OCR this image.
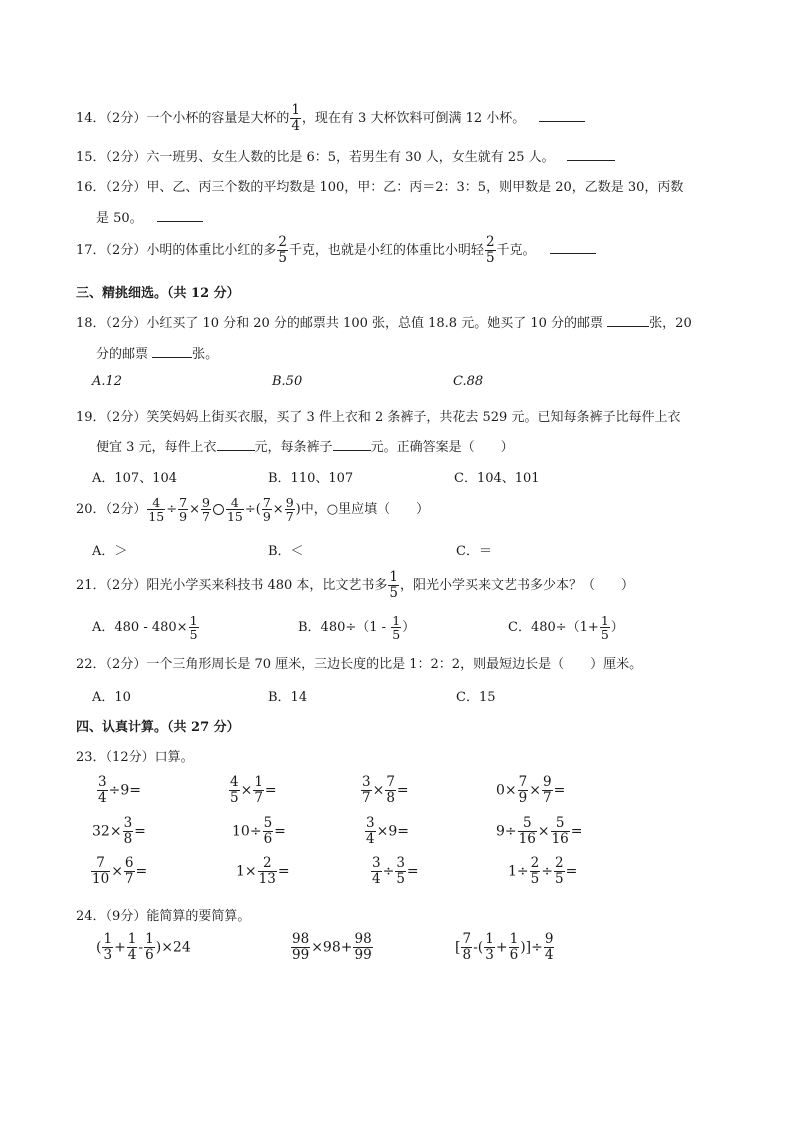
14．（2分）一个小杯的容量是大杯的 $\frac{1}{4}$ ，现在有 3 大杯饮料可倒满 12 小杯。
15．（2分）六一班男、女生人数的比是 6：5，若男生有 30 人，女生就有 25 人。
16．（2分）甲、乙、丙三个数的平均数是 100，甲：乙：丙＝2：3：5，则甲数是 20，乙数是 30，丙数
是 50。
17．（2分）小明的体重比小红的多 $\frac{2}{5}$ 千克，也就是小红的体重比小明轻 $\frac{2}{5}$ 千克。
三、精挑细选。（共 12 分）
18．（2分）小红买了 10 分和 20 分的邮票共 100 张，总值 18.8 元。她买了 10 分的邮票	张，20
分的邮票	张。
A.12	B.50	C.88
19．（2分）笑笑妈妈上街买衣服，买了 3 件上衣和 2 条裤子，共花去 529 元。已知每条裤子比每件上衣
便宜 3 元，每件上衣	元，每条裤子	元。正确答案是（　　）
A．107、104	B．110、107	C．104、101
20．（2分） $\frac{4}{15} \div \frac{7}{9} \times \frac{9}{7} \frac{4}{15}$ ÷( $\frac{7}{9} \times \frac{9}{7}$ )中，○里应填（　　）
A．＞	B．＜	C．＝
21．（2分）阳光小学买来科技书 480 本，比文艺书多 $\frac{1}{5}$ ，阳光小学买来文艺书多少本？（　　）
A．$480 - 480\times \frac{1}{5}$	B．$480\div(1 - \frac{1}{5}$ ）	C．$480\div(1+ \frac{1}{5}$ ）
22．（2分）一个三角形周长是 70 厘米，三边长度的比是 1：2：2，则最短边长是（　　）厘米。
A．10	B．14	C．15
四、认真计算。（共 27 分）
23．（12分）口算。
$\frac{3}{4} \div 9=$	$\frac{4}{5} \times \frac{1}{7}$ =	$\frac{3}{7} \times \frac{7}{8}$ =	$0\times \frac{7}{9} \times \frac{9}{7}$ =
$32\times \frac{3}{8}$ =	$10\div \frac{5}{6}$ =	$\frac{3}{4} \times 9=$	$9\div \frac{5}{16} \times \frac{5}{16}$ =
$\frac{7}{10} \times \frac{6}{7}$ =	$1\times \frac{2}{13}$ =	$\frac{3}{4} \div \frac{3}{5}$ =	$1\div \frac{2}{5} \div \frac{2}{5}$ =
24．（9分）能简算的要简算。
( $\frac{1}{3} + \frac{1}{4} - \frac{1}{6} )\times 24$	$\frac{98}{99} \times 98+ \frac{98}{99}$	[ $\frac{7}{8}$ -( $\frac{1}{3} + \frac{1}{6}$ )]÷ $\frac{9}{4}$
